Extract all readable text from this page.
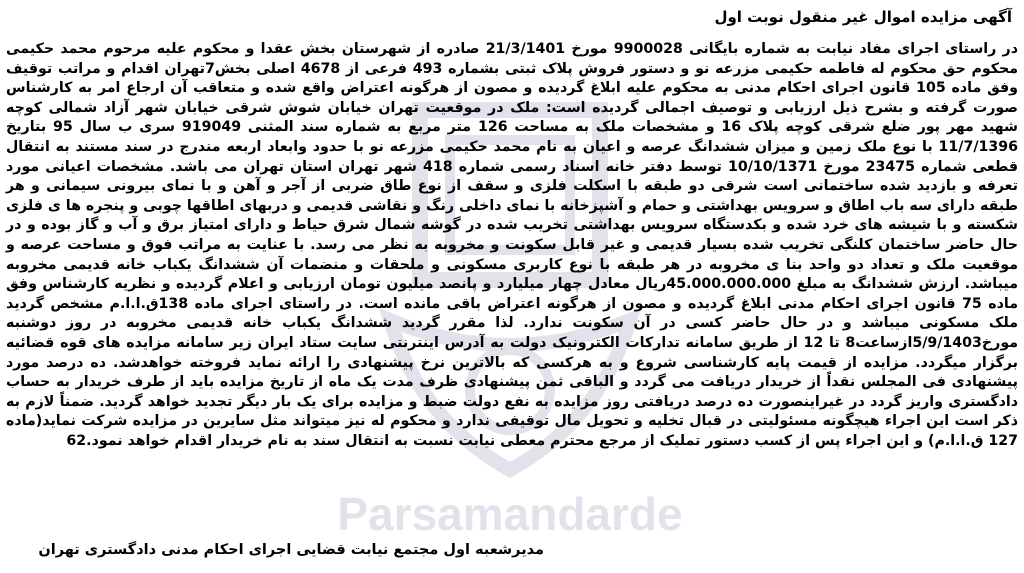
Parsamandarde
آگهی مزایده اموال غیر منقول نوبت اول
در راستای اجرای مفاد نیابت به شماره بایگانی 9900028 مورخ 21/3/1401 صادره از شهرستان بخش عقدا و محکوم علیه مرحوم محمد حکیمی محکوم حق محکوم له فاطمه حکیمی مزرعه نو و دستور فروش پلاک ثبتی بشماره 493 فرعی از 4678 اصلی بخش7تهران اقدام و مراتب توقیف وفق ماده 105 قانون اجرای احکام مدنی به محکوم علیه ابلاغ گردیده و مصون از هرگونه اعتراض واقع شده و متعاقب آن ارجاع امر به کارشناس صورت گرفته و بشرح ذیل ارزیابی و توصیف اجمالی گردیده است: ملک در موقعیت تهران خیابان شوش شرقی خیابان شهر آزاد شمالی کوچه شهید مهر پور ضلع شرقی کوچه پلاک 16 و مشخصات ملک به مساحت 126 متر مربع به شماره سند المثنی 919049 سری ب سال 95 بتاریخ 11/7/1396 با نوع ملک زمین و میزان ششدانگ عرصه و اعیان به نام محمد حکیمی مزرعه نو با حدود وابعاد اربعه مندرج در سند مستند به انتقال قطعی شماره 23475 مورخ 10/10/1371 توسط دفتر خانه اسناد رسمی شماره 418 شهر تهران استان تهران می باشد. مشخصات اعیانی مورد تعرفه و بازدید شده ساختمانی است شرقی دو طبقه با اسکلت فلزی و سقف از نوع طاق ضربی از آجر و آهن و با نمای بیرونی سیمانی و هر طبقه دارای سه باب اطاق و سرویس بهداشتی و حمام و آشپزخانه با نمای داخلی رنگ و نقاشی قدیمی و دربهای اطاقها چوبی و پنجره ها ی فلزی شکسته و با شیشه های خرد شده و بکدستگاه سرویس بهداشتی تخریب شده در گوشه شمال شرق حیاط و دارای امتیاز برق و آب و گاز بوده و در حال حاضر ساختمان کلنگی تخریب شده بسیار قدیمی و غیر قابل سکونت و مخروبه به نظر می رسد. با عنایت به مراتب فوق و مساحت عرصه و موقعیت ملک و تعداد دو واحد بنا ی مخروبه در هر طبقه با نوع کاربری مسکونی و ملحقات و منضمات آن ششدانگ یکباب خانه قدیمی مخروبه میباشد. ارزش ششدانگ به مبلغ 45.000.000.000ریال معادل چهار میلیارد و پانصد میلیون تومان ارزیابی و اعلام گردیده و نظریه کارشناس وفق ماده 75 قانون اجرای احکام مدنی ابلاغ گردیده و مصون از هرگونه اعتراض باقی مانده است. در راستای اجرای ماده 138ق.ا.ا.م مشخص گردید ملک مسکونی میباشد و در حال حاضر کسی در آن سکونت ندارد. لذا مقرر گردید ششدانگ یکباب خانه قدیمی مخروبه در روز دوشنبه مورخ5/9/1403ازساعت8 تا 12 از طریق سامانه تدارکات الکترونیک دولت به آدرس اینترنتی سایت ستاد ایران زیر سامانه مزایده های قوه قضائیه برگزار میگردد. مزایده از قیمت پایه کارشناسی شروع و به هرکسی که بالاترین نرخ پیشنهادی را ارائه نماید فروخته خواهدشد. ده درصد مورد پیشنهادی فی المجلس نقداً از خریدار دریافت می گردد و الباقی ثمن پیشنهادی ظرف مدت یک ماه از تاریخ مزایده باید از طرف خریدار به حساب دادگستری واریز گردد در غیراینصورت ده درصد دریافتی روز مزایده به نفع دولت ضبط و مزایده برای یک بار دیگر تجدید خواهد گردید. ضمناً لازم به ذکر است این اجراء هیچگونه مسئولیتی در قبال تخلیه و تحویل مال توقیفی ندارد و محکوم له نیز میتواند مثل سایرین در مزایده شرکت نماید(ماده 127 ق.ا.ا.م) و این اجراء پس از کسب دستور تملیک از مرجع محترم معطی نیابت نسبت به انتقال سند به نام خریدار اقدام خواهد نمود.62
مدیرشعبه اول مجتمع نیابت قضایی اجرای احکام مدنی دادگستری تهران
